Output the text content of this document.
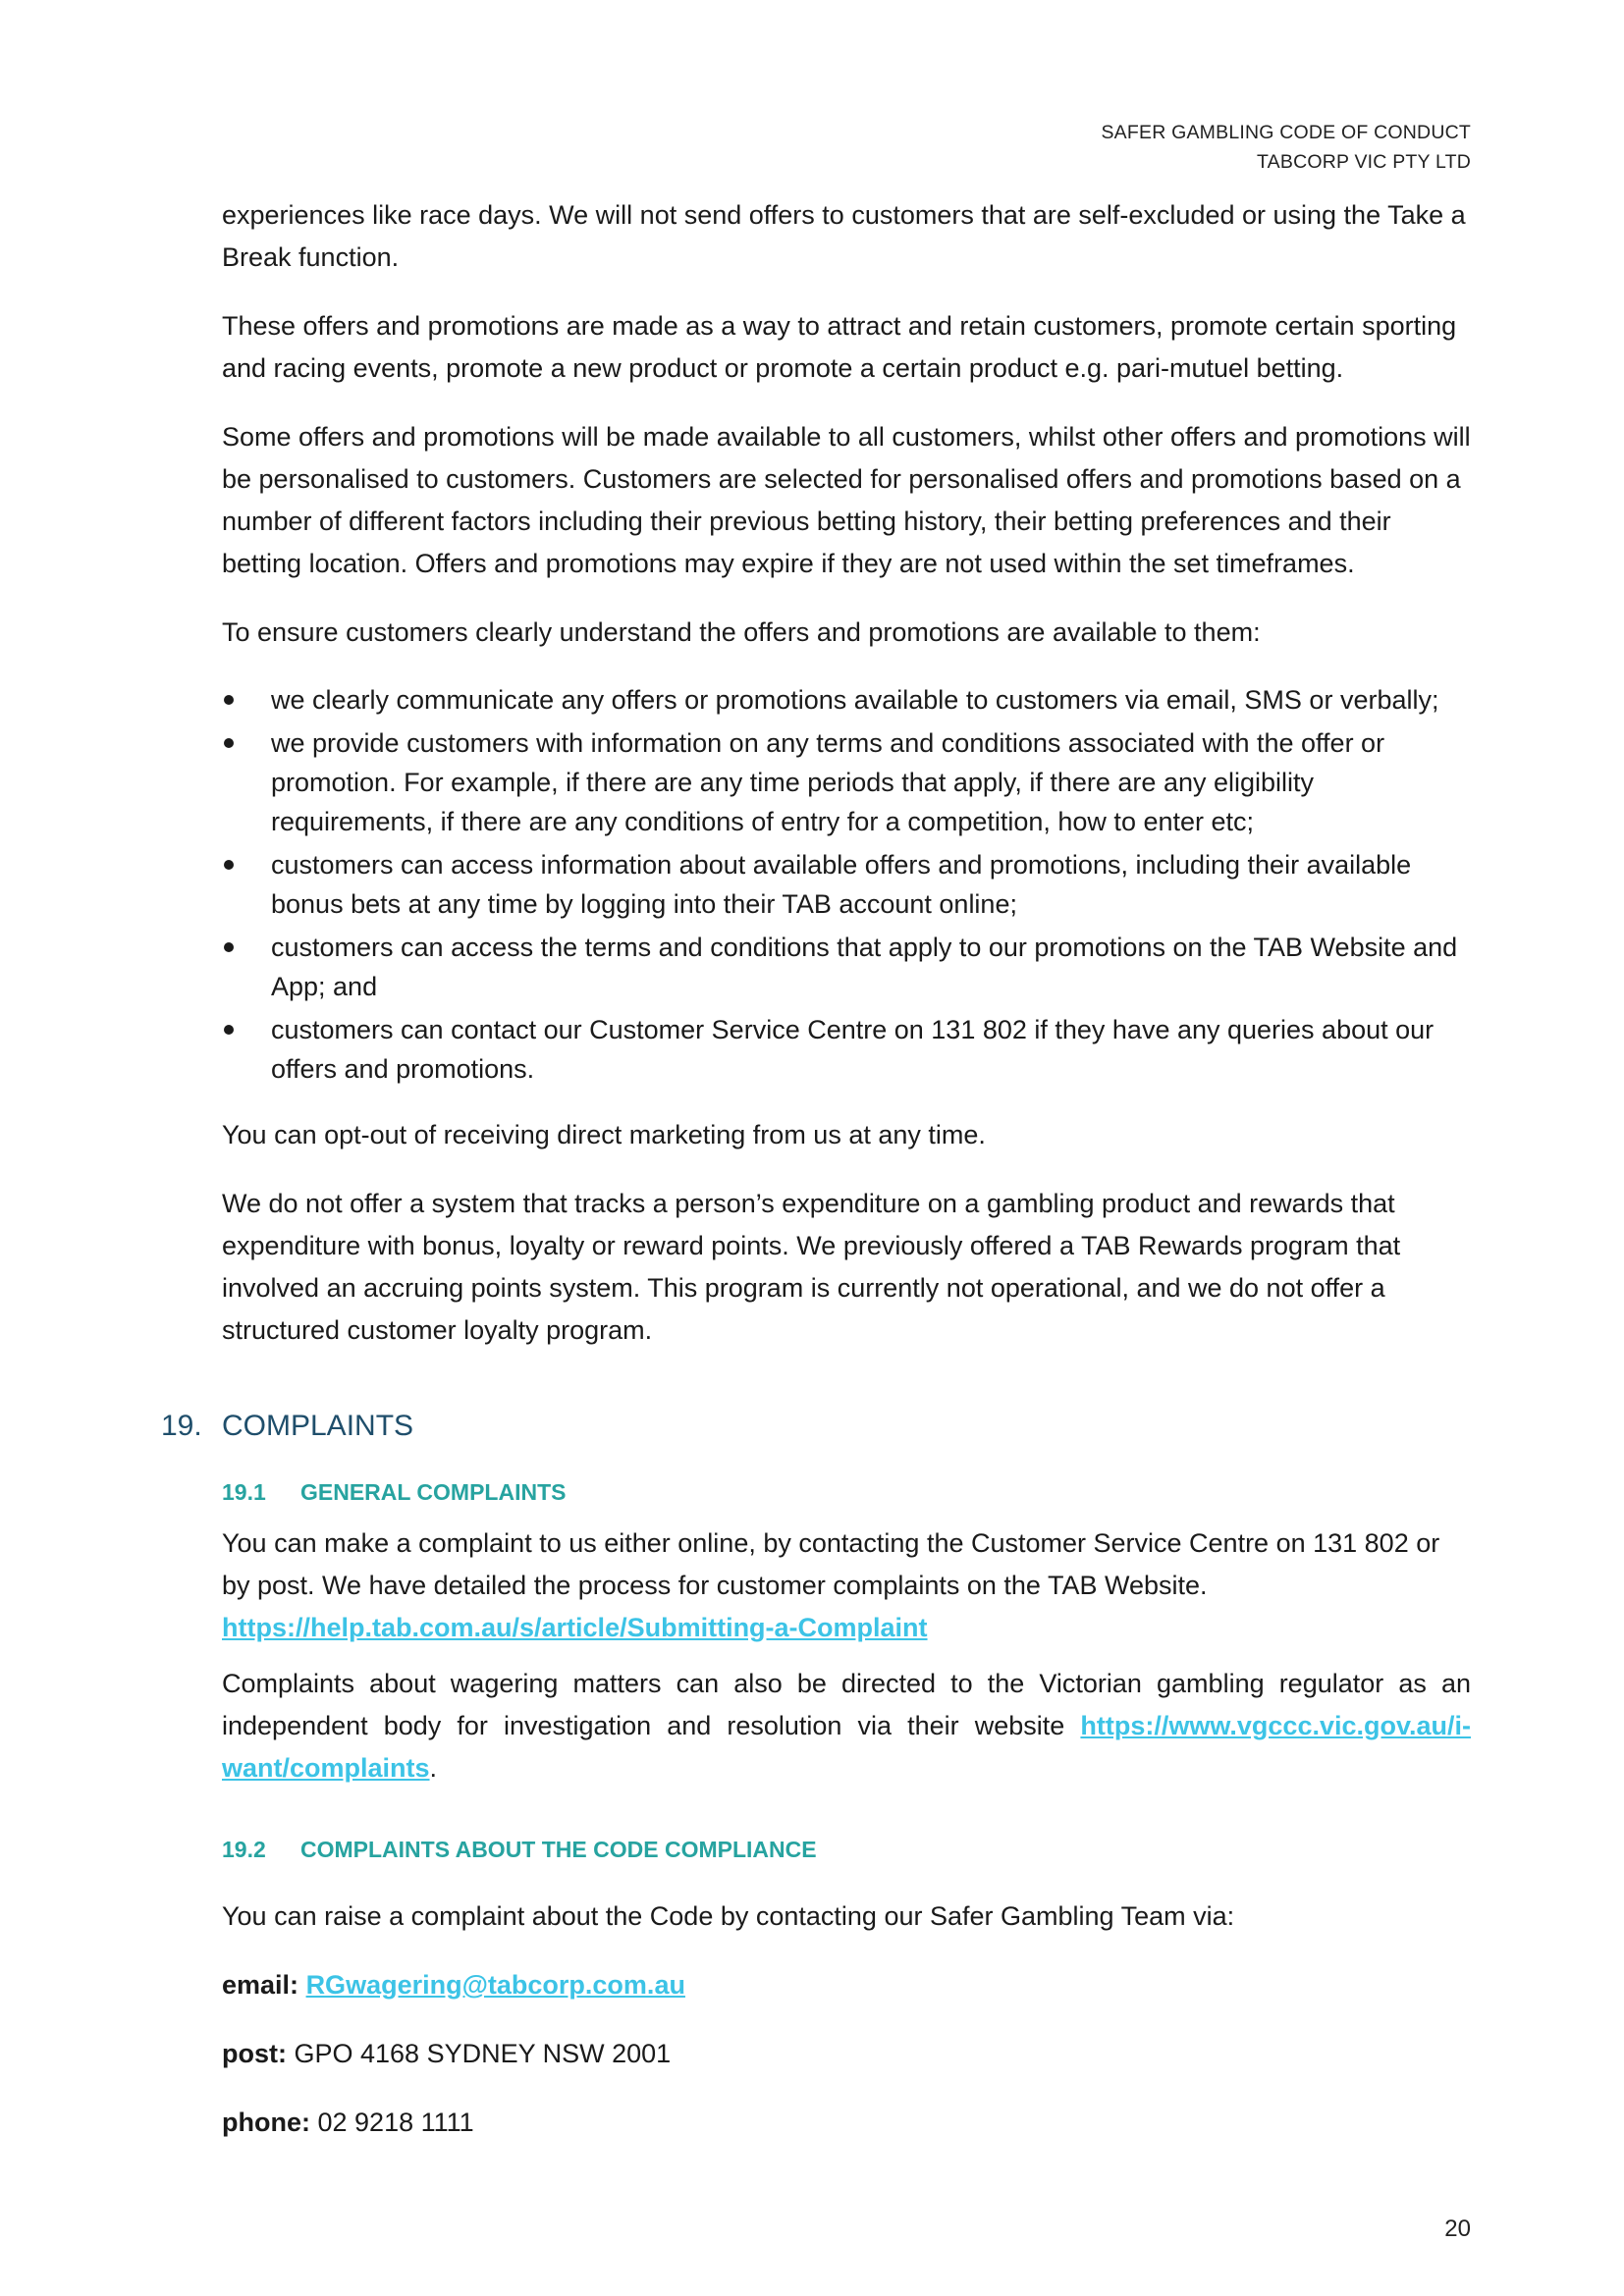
SAFER GAMBLING CODE OF CONDUCT
TABCORP VIC PTY LTD

experiences like race days. We will not send offers to customers that are self-excluded or using the Take a Break function.

These offers and promotions are made as a way to attract and retain customers, promote certain sporting and racing events, promote a new product or promote a certain product e.g. pari-mutuel betting.

Some offers and promotions will be made available to all customers, whilst other offers and promotions will be personalised to customers. Customers are selected for personalised offers and promotions based on a number of different factors including their previous betting history, their betting preferences and their betting location. Offers and promotions may expire if they are not used within the set timeframes.

To ensure customers clearly understand the offers and promotions are available to them:

we clearly communicate any offers or promotions available to customers via email, SMS or verbally;
we provide customers with information on any terms and conditions associated with the offer or promotion. For example, if there are any time periods that apply, if there are any eligibility requirements, if there are any conditions of entry for a competition, how to enter etc;
customers can access information about available offers and promotions, including their available bonus bets at any time by logging into their TAB account online;
customers can access the terms and conditions that apply to our promotions on the TAB Website and App; and
customers can contact our Customer Service Centre on 131 802 if they have any queries about our offers and promotions.

You can opt-out of receiving direct marketing from us at any time.

We do not offer a system that tracks a person’s expenditure on a gambling product and rewards that expenditure with bonus, loyalty or reward points. We previously offered a TAB Rewards program that involved an accruing points system. This program is currently not operational, and we do not offer a structured customer loyalty program.

19. COMPLAINTS
19.1 GENERAL COMPLAINTS

You can make a complaint to us either online, by contacting the Customer Service Centre on 131 802 or by post. We have detailed the process for customer complaints on the TAB Website.
https://help.tab.com.au/s/article/Submitting-a-Complaint

Complaints about wagering matters can also be directed to the Victorian gambling regulator as an independent body for investigation and resolution via their website https://www.vgccc.vic.gov.au/i-want/complaints.

19.2 COMPLAINTS ABOUT THE CODE COMPLIANCE

You can raise a complaint about the Code by contacting our Safer Gambling Team via:

email: RGwagering@tabcorp.com.au

post: GPO 4168 SYDNEY NSW 2001

phone: 02 9218 1111

20
